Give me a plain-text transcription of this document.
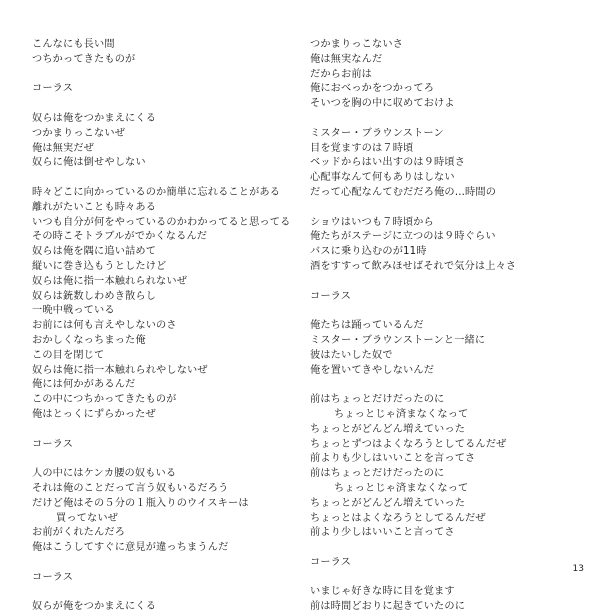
こんなにも長い間
つちかってきたものが
コーラス
奴らは俺をつかまえにくる
つかまりっこないぜ
俺は無実だぜ
奴らに俺は倒せやしない
時々どこに向かっているのか簡単に忘れることがある
離れがたいことも時々ある
いつも自分が何をやっているのかわかってると思ってる
その時こそトラブルがでかくなるんだ
奴らは俺を隅に追い詰めて
縦いに巻き込もうとしたけど
奴らは俺に指一本触れられないぜ
奴らは銃数しわめき散らし
一晩中戦っている
お前には何も言えやしないのさ
おかしくなっちまった俺
この目を閉じて
奴らは俺に指一本触れられやしないぜ
俺には何かがあるんだ
この中につちかってきたものが
俺はとっくにずらかったぜ
コーラス
人の中にはケンカ腰の奴もいる
それは俺のことだって言う奴もいるだろう
だけど俺はその５分の１瓶入りのウイスキーは
買ってないぜ
お前がくれたんだろ
俺はこうしてすぐに意見が違っちまうんだ
コーラス
奴らが俺をつかまえにくる
つかまりっこないさ
俺は無実なんだ
だからお前は
俺におべっかをつかってろ
そいつを胸の中に収めておけよ
ミスター・ブラウンストーン
目を覚ますのは７時頃
ベッドからはい出すのは９時頃さ
心配事なんて何もありはしない
だって心配なんてむだだろ俺の…時間の
ショウはいつも７時頃から
俺たちがステージに立つのは９時ぐらい
バスに乗り込むのが11時
酒をすすって飲みほせばそれで気分は上々さ
コーラス
俺たちは踊っているんだ
ミスター・ブラウンストーンと一緒に
彼はたいした奴で
俺を置いてきやしないんだ
前はちょっとだけだったのに
ちょっとじゃ済まなくなって
ちょっとがどんどん増えていった
ちょっとずつはよくなろうとしてるんだぜ
前よりも少しはいいことを言ってさ
前はちょっとだけだったのに
ちょっとじゃ済まなくなって
ちょっとがどんどん増えていった
ちょっとはよくなろうとしてるんだぜ
前より少しはいいこと言ってさ
コーラス
いまじゃ好きな時に目を覚ます
前は時間どおりに起きていたのに
13
